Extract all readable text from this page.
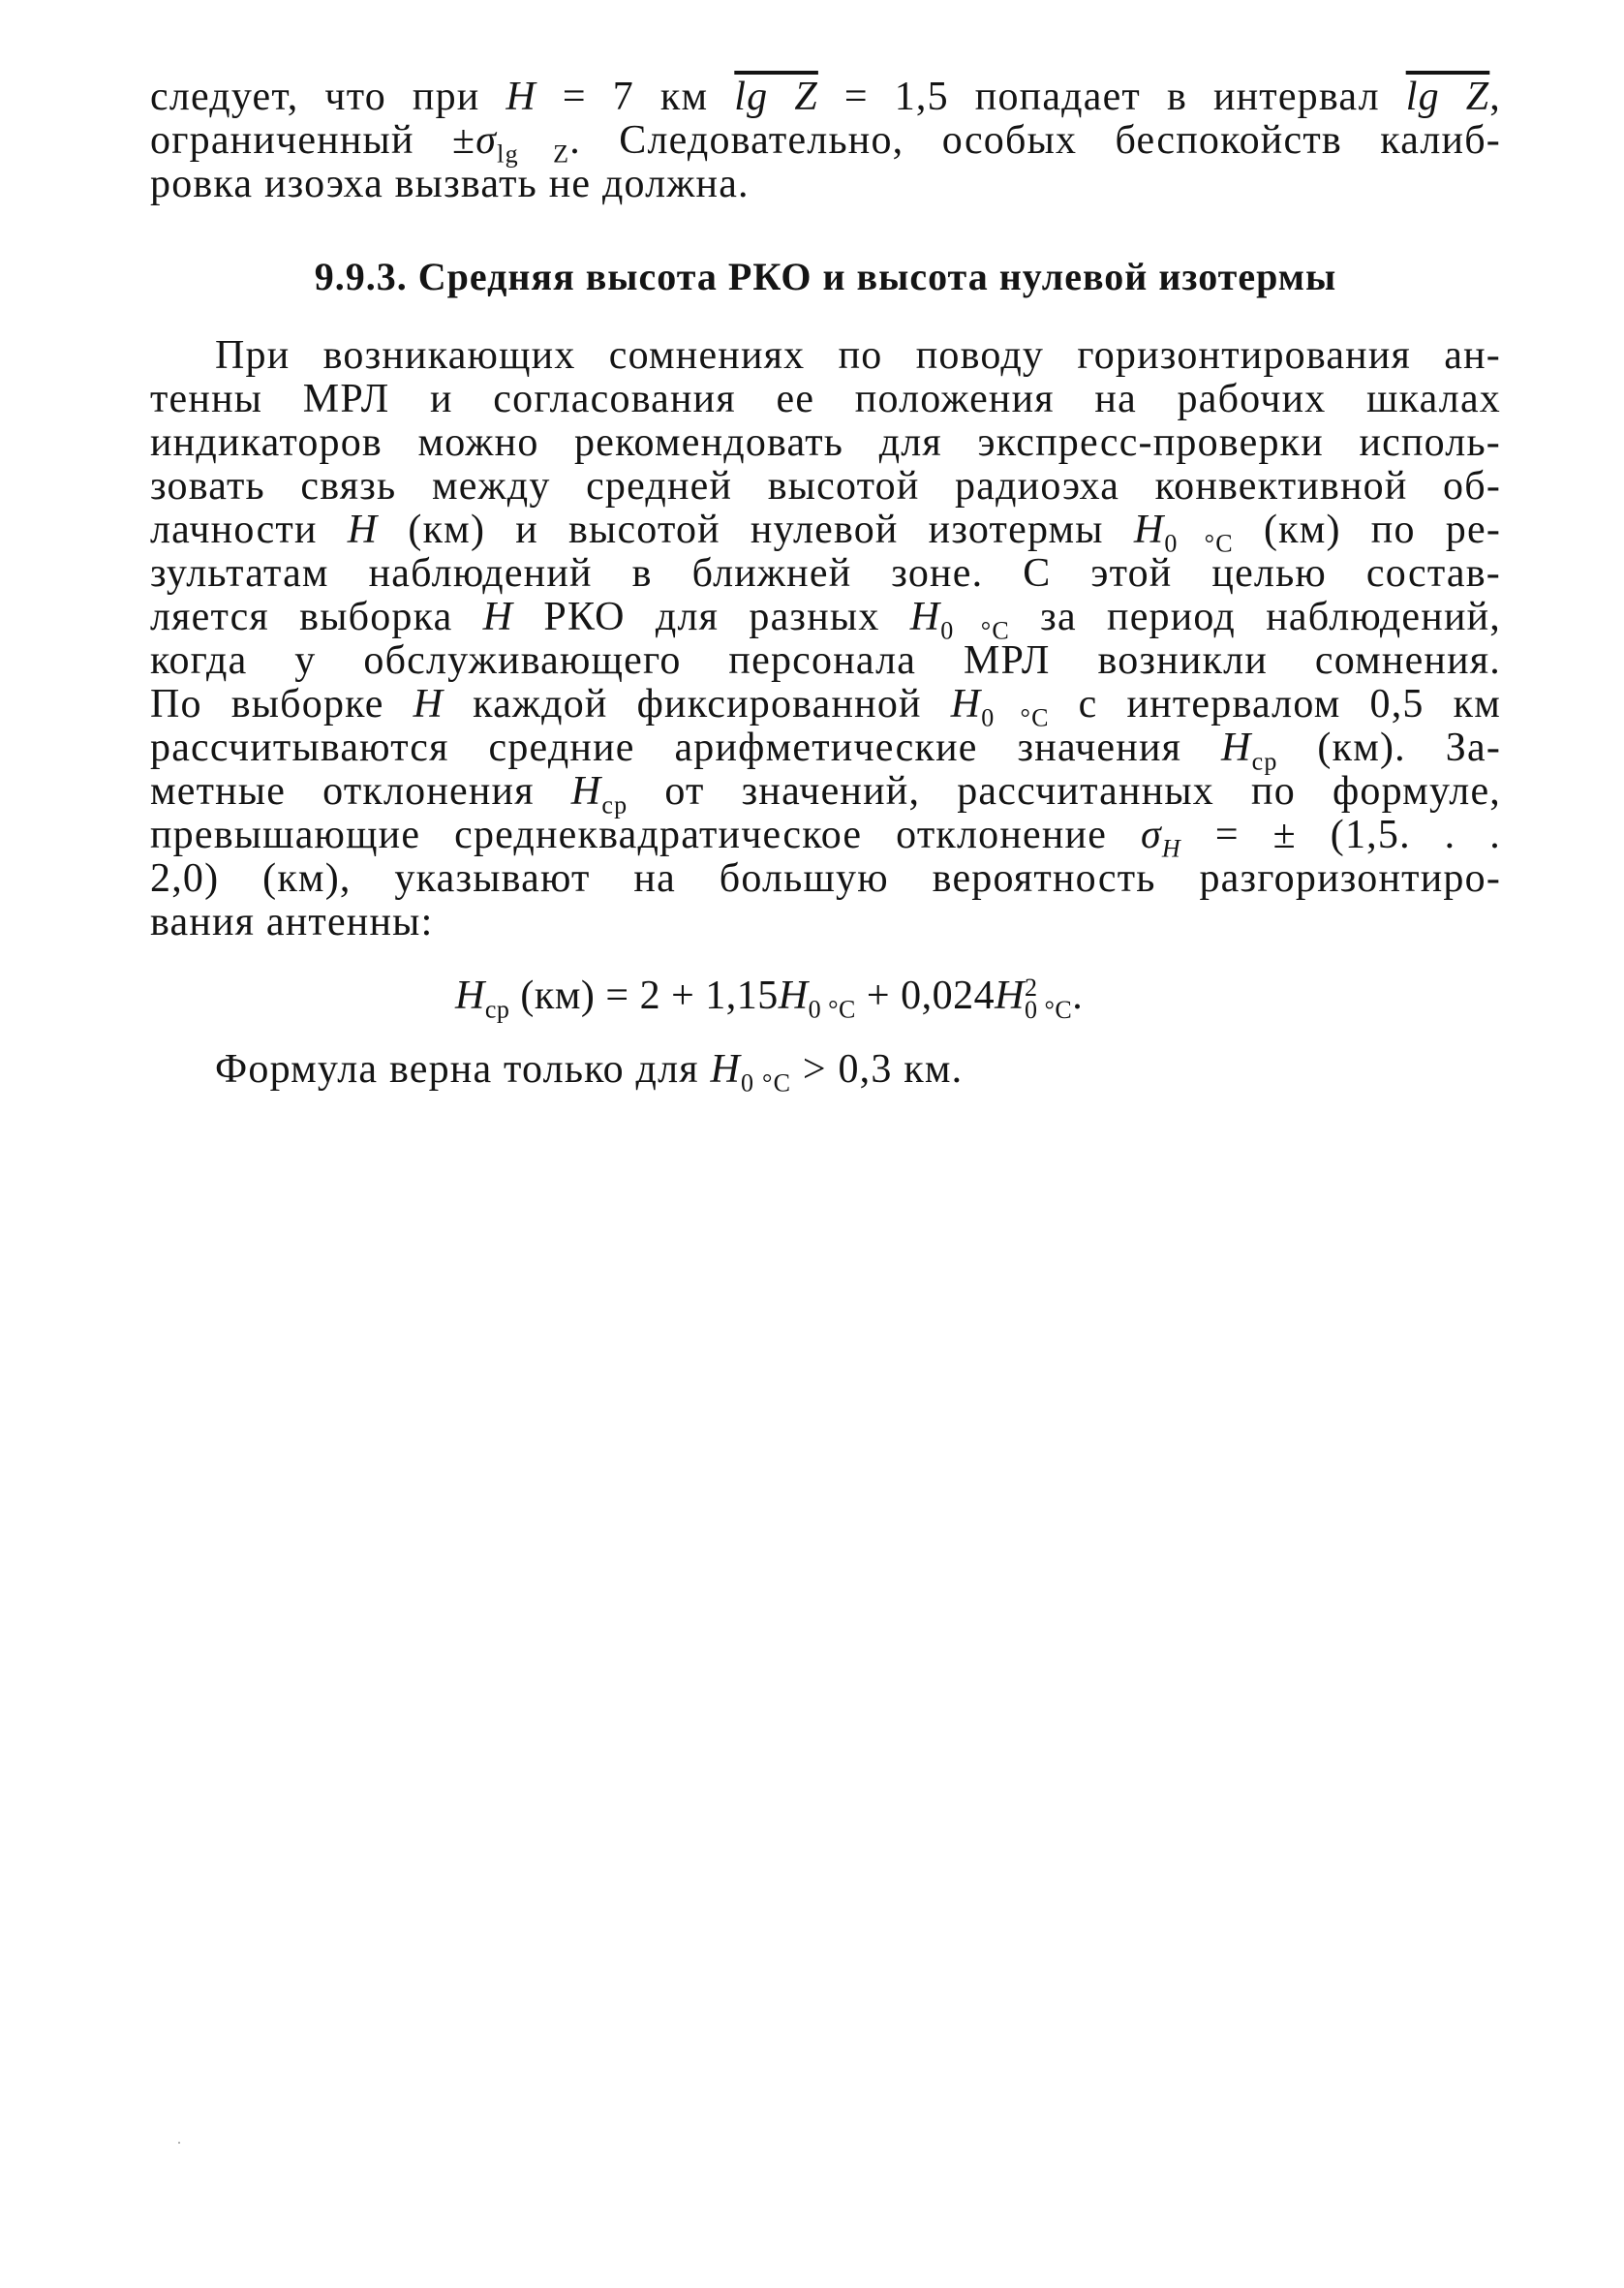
следует, что при H = 7 км lg Z = 1,5 попадает в интервал lg Z,
ограниченный $\pm\sigma_{lg Z}$. Следовательно, особых беспокойств калиб-
ровка изоэха вызвать не должна.
9.9.3. Средняя высота РКО и высота нулевой изотермы
При возникающих сомнениях по поводу горизонтирования ан-
тенны МРЛ и согласования ее положения на рабочих шкалах
индикаторов можно рекомендовать для экспресс-проверки исполь-
зовать связь между средней высотой радиоэха конвективной об-
лачности H (км) и высотой нулевой изотермы $H_{0 ^\circ C}$ (км) по ре-
зультатам наблюдений в ближней зоне. С этой целью состав-
ляется выборка H РКО для разных $H_{0 ^\circ C}$ за период наблюдений,
когда у обслуживающего персонала МРЛ возникли сомнения.
По выборке H каждой фиксированной $H_{0 ^\circ C}$ с интервалом 0,5 км
рассчитываются средние арифметические значения $H_{ср}$ (км). За-
метные отклонения $H_{ср}$ от значений, рассчитанных по формуле,
превышающие среднеквадратическое отклонение $\sigma_H$ = ± (1,5. . .
2,0) (км), указывают на большую вероятность разгоризонтиро-
вания антенны:
$H_{ср}$ $(км) = 2 + 1,15H_{0 ^\circ C} + 0,024H$ 2
0 °C .
Формула верна только для $H_{0 ^\circ C} > 0,3$ км.
